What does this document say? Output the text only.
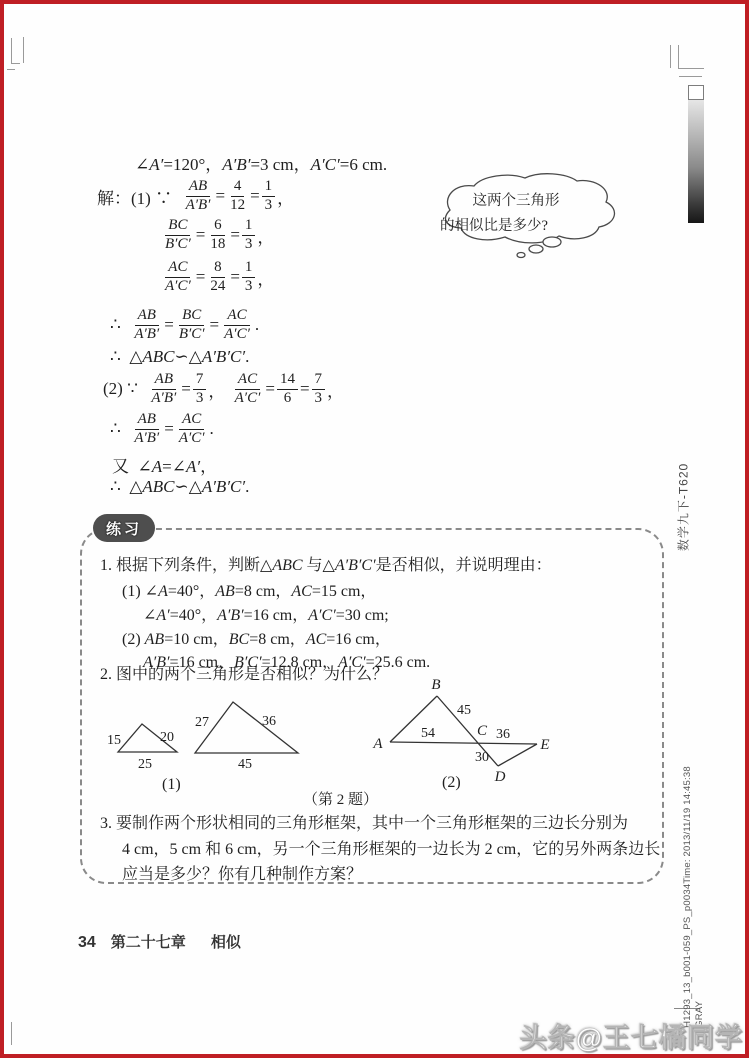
∠A′=120°，A′B′=3 cm，A′C′=6 cm.
解：(1) ∵ $\frac{AB}{A'B'} = \frac{4}{12} = \frac{1}{3}$ ，
$\frac{BC}{B'C'} = \frac{6}{18} = \frac{1}{3}$ ，
$\frac{AC}{A'C'} = \frac{8}{24} = \frac{1}{3}$ ，
∴ $\frac{AB}{A'B'} = \frac{BC}{B'C'} = \frac{AC}{A'C'}$ .
∴  △ABC∽△A′B′C′.
(2) ∵ $\frac{AB}{A'B'} = \frac{7}{3}$ ， $\frac{AC}{A'C'} = \frac{14}{6} = \frac{7}{3}$ ，
∴ $\frac{AB}{A'B'} = \frac{AC}{A'C'}$ .
又  ∠A=∠A′，
∴  △ABC∽△A′B′C′.
这两个三角形
的相似比是多少?
练习
1. 根据下列条件，判断△ABC 与△A′B′C′是否相似，并说明理由：
(1) ∠A=40°，AB=8 cm，AC=15 cm，
∠A′=40°，A′B′=16 cm，A′C′=30 cm;
(2) AB=10 cm，BC=8 cm，AC=16 cm，
A′B′=16 cm，B′C′=12.8 cm，A′C′=25.6 cm.
2. 图中的两个三角形是否相似？为什么？
3. 要制作两个形状相同的三角形框架，其中一个三角形框架的三边长分别为
4 cm，5 cm 和 6 cm，另一个三角形框架的一边长为 2 cm，它的另外两条边长
应当是多少？你有几种制作方案？
15	20
25
27	36
45
(1)
A
B
C
D
E
54
45
36
30
(2)
（第 2 题）
34 第二十七章 相似
数学九下-T620
H1293_13_b001-059_PS_p0034Time: 2013/11/19 14:45:38 GRAY
头条@王七橘同学
